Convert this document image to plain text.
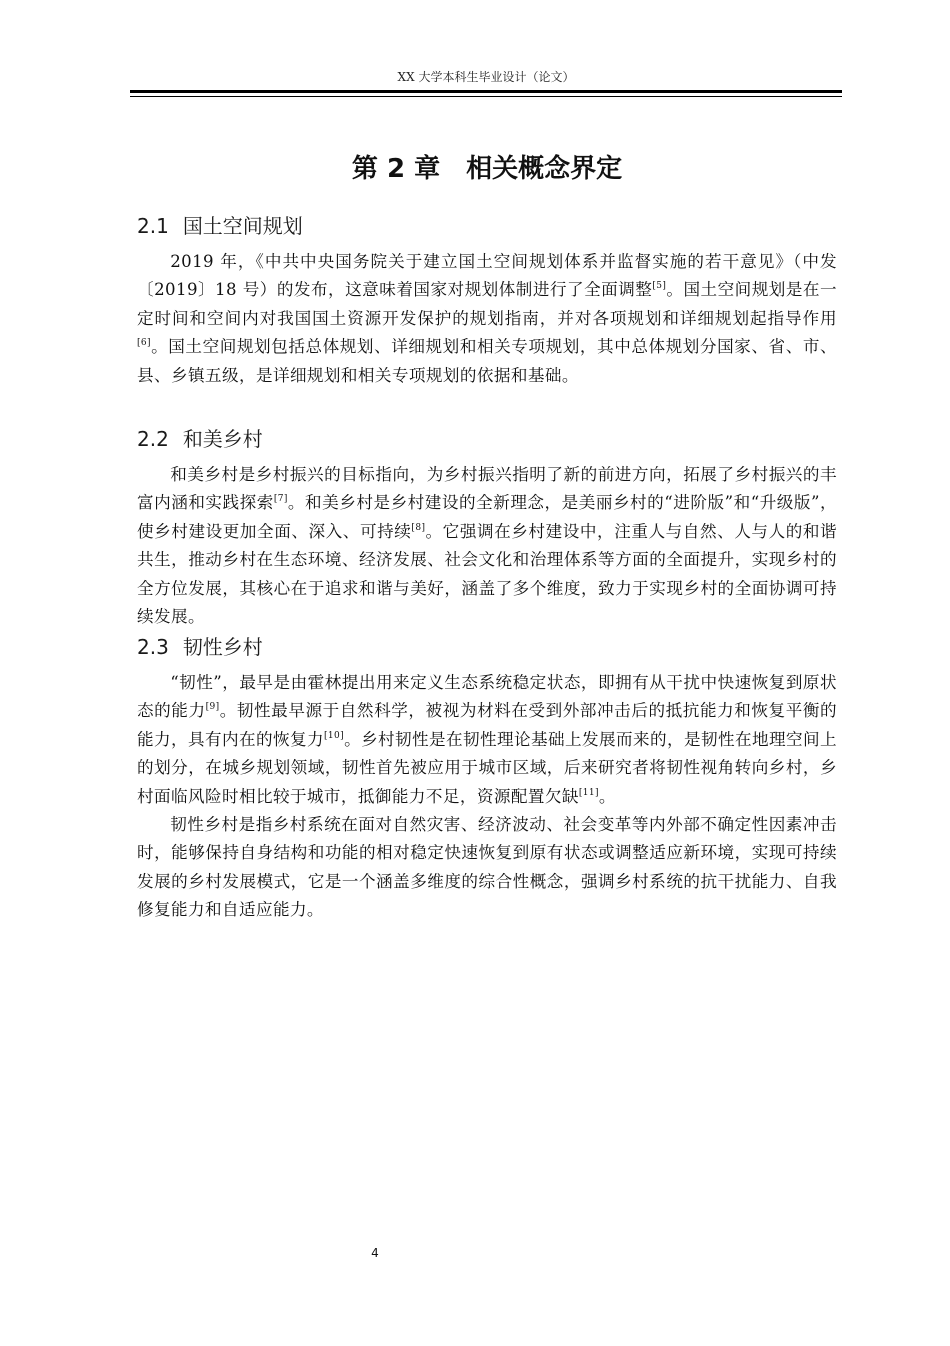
XX 大学本科生毕业设计（论文）
第 2 章 相关概念界定
2.1 国土空间规划

2019 年，《中共中央国务院关于建立国土空间规划体系并监督实施的若干意见》（中发〔2019〕18 号）的发布，这意味着国家对规划体制进行了全面调整[5]。国土空间规划是在一定时间和空间内对我国国土资源开发保护的规划指南，并对各项规划和详细规划起指导作用[6]。国土空间规划包括总体规划、详细规划和相关专项规划，其中总体规划分国家、省、市、县、乡镇五级，是详细规划和相关专项规划的依据和基础。

2.2 和美乡村

和美乡村是乡村振兴的目标指向，为乡村振兴指明了新的前进方向，拓展了乡村振兴的丰富内涵和实践探索[7]。和美乡村是乡村建设的全新理念，是美丽乡村的“进阶版”和“升级版”，使乡村建设更加全面、深入、可持续[8]。它强调在乡村建设中，注重人与自然、人与人的和谐共生，推动乡村在生态环境、经济发展、社会文化和治理体系等方面的全面提升，实现乡村的全方位发展，其核心在于追求和谐与美好，涵盖了多个维度，致力于实现乡村的全面协调可持续发展。

2.3 韧性乡村

“韧性”，最早是由霍林提出用来定义生态系统稳定状态，即拥有从干扰中快速恢复到原状态的能力[9]。韧性最早源于自然科学，被视为材料在受到外部冲击后的抵抗能力和恢复平衡的能力，具有内在的恢复力[10]。乡村韧性是在韧性理论基础上发展而来的，是韧性在地理空间上的划分，在城乡规划领域，韧性首先被应用于城市区域，后来研究者将韧性视角转向乡村，乡村面临风险时相比较于城市，抵御能力不足，资源配置欠缺[11]。

韧性乡村是指乡村系统在面对自然灾害、经济波动、社会变革等内外部不确定性因素冲击时，能够保持自身结构和功能的相对稳定快速恢复到原有状态或调整适应新环境，实现可持续发展的乡村发展模式，它是一个涵盖多维度的综合性概念，强调乡村系统的抗干扰能力、自我修复能力和自适应能力。

4
